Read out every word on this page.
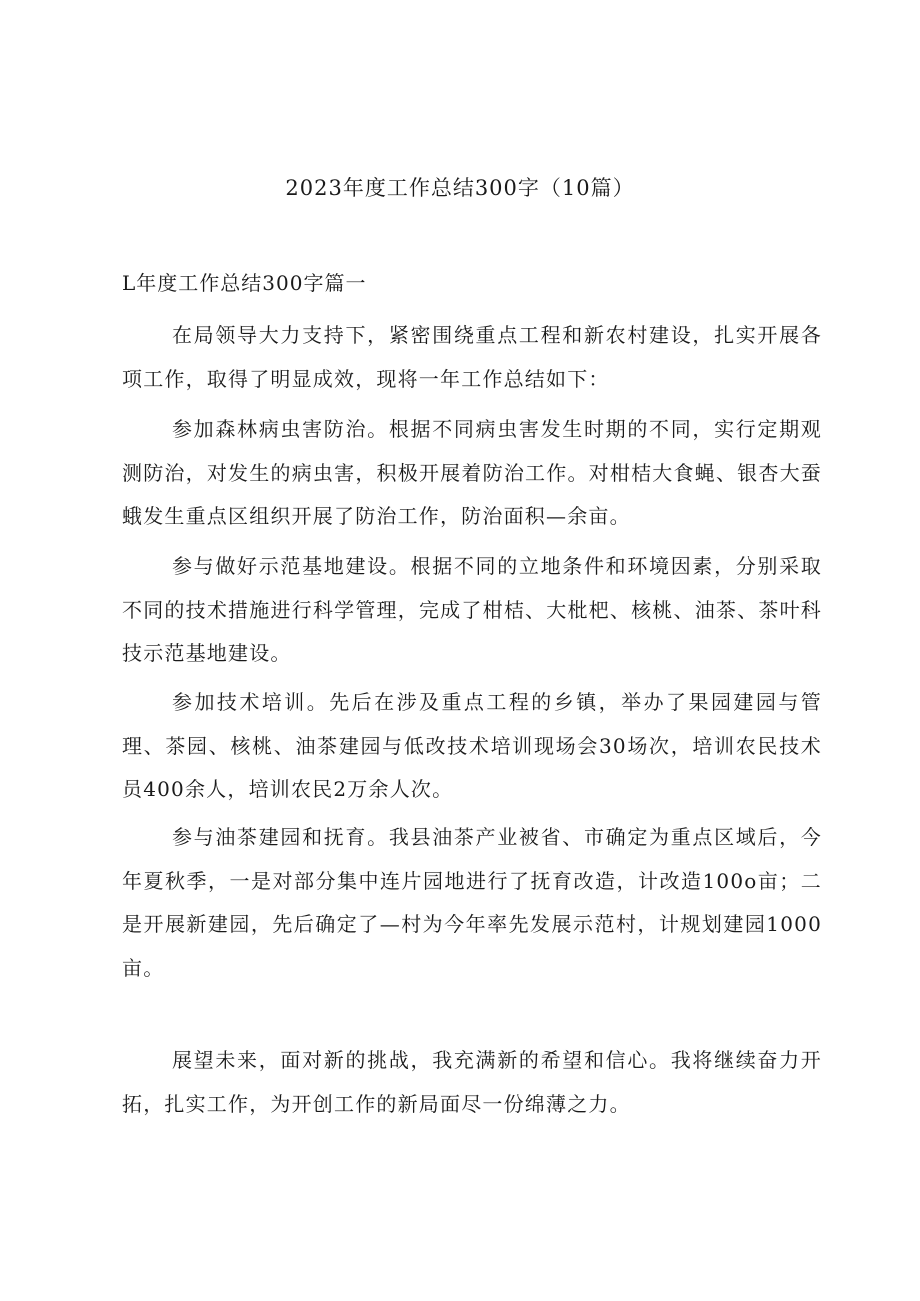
2023年度工作总结300字（10篇）
L年度工作总结300字篇一

在局领导大力支持下，紧密围绕重点工程和新农村建设，扎实开展各项工作，取得了明显成效，现将一年工作总结如下：

参加森林病虫害防治。根据不同病虫害发生时期的不同，实行定期观测防治，对发生的病虫害，积极开展着防治工作。对柑桔大食蝇、银杏大蚕蛾发生重点区组织开展了防治工作，防治面积—余亩。

参与做好示范基地建设。根据不同的立地条件和环境因素，分别采取不同的技术措施进行科学管理，完成了柑桔、大枇杷、核桃、油茶、茶叶科技示范基地建设。

参加技术培训。先后在涉及重点工程的乡镇，举办了果园建园与管理、茶园、核桃、油茶建园与低改技术培训现场会30场次，培训农民技术员400余人，培训农民2万余人次。

参与油茶建园和抚育。我县油茶产业被省、市确定为重点区域后，今年夏秋季，一是对部分集中连片园地进行了抚育改造，计改造100o亩；二是开展新建园，先后确定了—村为今年率先发展示范村，计规划建园1000亩。

展望未来，面对新的挑战，我充满新的希望和信心。我将继续奋力开拓，扎实工作，为开创工作的新局面尽一份绵薄之力。
